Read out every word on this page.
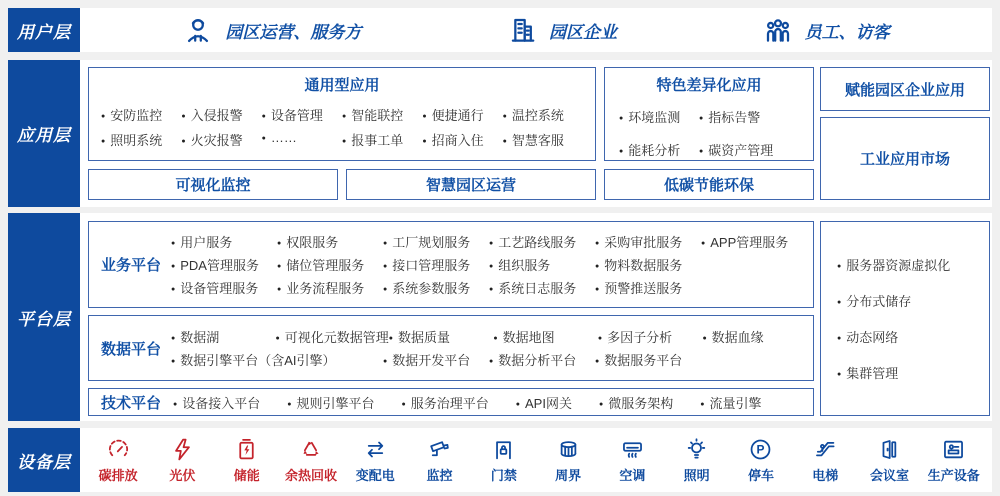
用户层	园区运营、服务方	园区企业	员工、访客
应用层
通用型应用
● 安防监控	● 入侵报警	● 设备管理	● 智能联控	● 便捷通行	● 温控系统
● 照明系统	● 火灾报警	● ……	● 报事工单	● 招商入住	● 智慧客服
特色差异化应用
● 环境监测	● 指标告警
● 能耗分析	● 碳资产管理
赋能园区企业应用
工业应用市场
可视化监控	智慧园区运营	低碳节能环保
平台层
业务平台
● 用户服务	● 权限服务	● 工厂规划服务	● 工艺路线服务	● 采购审批服务	● APP管理服务
● PDA管理服务	● 储位管理服务	● 接口管理服务	● 组织服务	● 物料数据服务
● 设备管理服务	● 业务流程服务	● 系统参数服务	● 系统日志服务	● 预警推送服务
数据平台
● 数据湖	● 可视化元数据管理 ● 数据质量	● 数据地图	● 多因子分析	● 数据血缘
● 数据引擎平台（含AI引擎）	● 数据开发平台	● 数据分析平台	● 数据服务平台
技术平台	● 设备接入平台	● 规则引擎平台	● 服务治理平台	● API网关	● 微服务架构	● 流量引擎
● 服务器资源虚拟化
● 分布式储存
● 动态网络
● 集群管理
设备层
碳排放 光伏	储能 余热回收 变配电 监控	门禁	周界	空调	照明
P
停车	电梯 会议室 生产设备
